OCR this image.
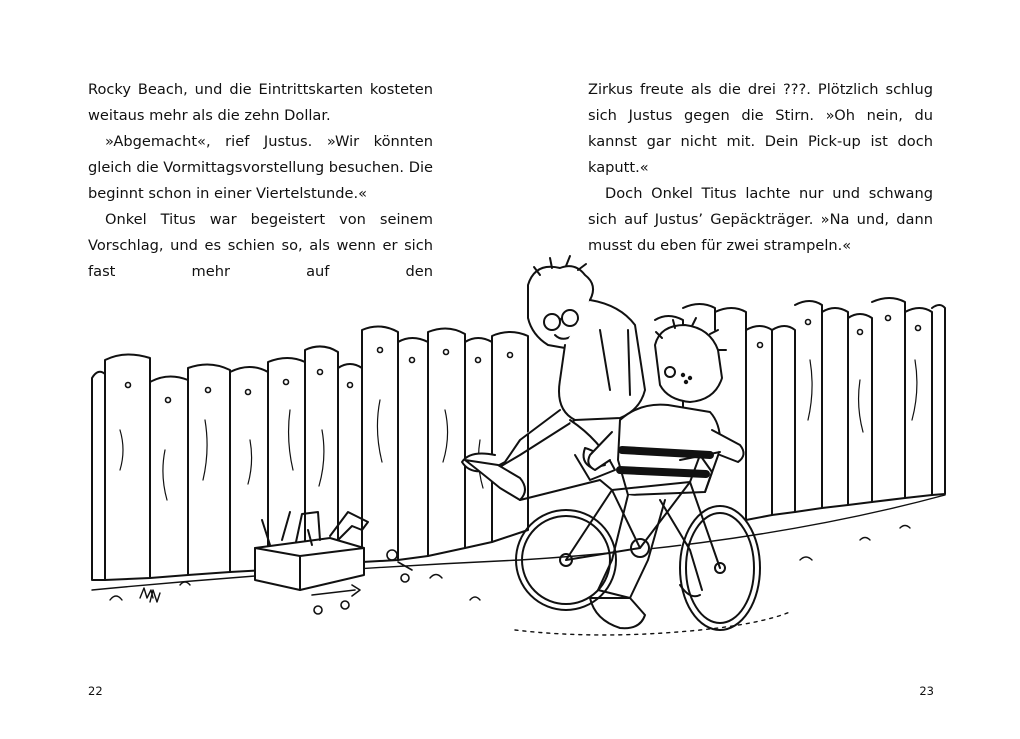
Rocky Beach, und die Eintrittskarten kosteten weitaus mehr als die zehn Dollar.

»Abgemacht«, rief Justus. »Wir könnten gleich die Vormittagsvorstellung besuchen. Die beginnt schon in einer Viertelstunde.«

Onkel Titus war begeistert von seinem Vorschlag, und es schien so, als wenn er sich fast mehr auf den

Zirkus freute als die drei ???. Plötzlich schlug sich Justus gegen die Stirn. »Oh nein, du kannst gar nicht mit. Dein Pick-up ist doch kaputt.«

Doch Onkel Titus lachte nur und schwang sich auf Justus’ Gepäckträger. »Na und, dann musst du eben für zwei strampeln.«

22	23
